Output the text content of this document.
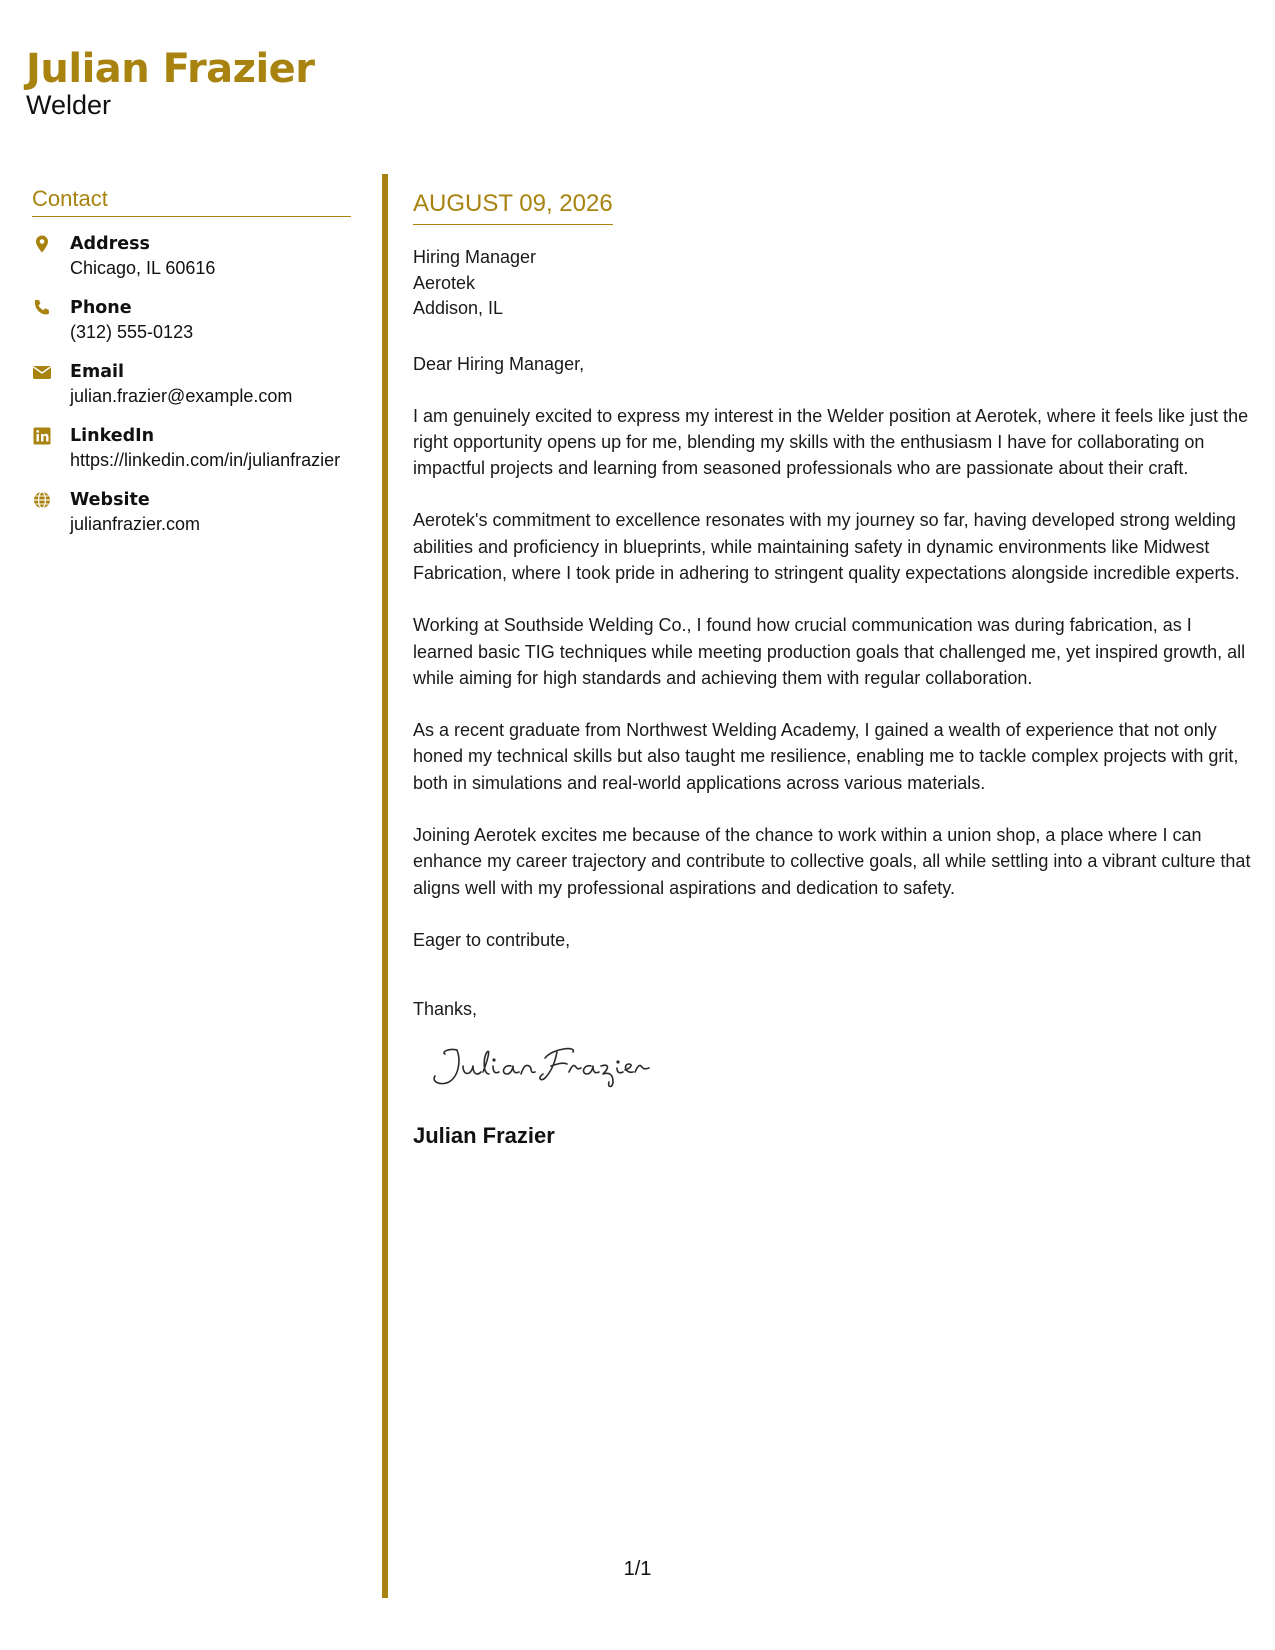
Julian Frazier
Welder
Contact
Address
Chicago, IL 60616
Phone
(312) 555-0123
Email
julian.frazier@example.com
LinkedIn
https://linkedin.com/in/julianfrazier
Website
julianfrazier.com
AUGUST 09, 2026
Hiring Manager
Aerotek
Addison, IL
Dear Hiring Manager,
I am genuinely excited to express my interest in the Welder position at Aerotek, where it feels like just the right opportunity opens up for me, blending my skills with the enthusiasm I have for collaborating on impactful projects and learning from seasoned professionals who are passionate about their craft.
Aerotek's commitment to excellence resonates with my journey so far, having developed strong welding abilities and proficiency in blueprints, while maintaining safety in dynamic environments like Midwest Fabrication, where I took pride in adhering to stringent quality expectations alongside incredible experts.
Working at Southside Welding Co., I found how crucial communication was during fabrication, as I learned basic TIG techniques while meeting production goals that challenged me, yet inspired growth, all while aiming for high standards and achieving them with regular collaboration.
As a recent graduate from Northwest Welding Academy, I gained a wealth of experience that not only honed my technical skills but also taught me resilience, enabling me to tackle complex projects with grit, both in simulations and real-world applications across various materials.
Joining Aerotek excites me because of the chance to work within a union shop, a place where I can enhance my career trajectory and contribute to collective goals, all while settling into a vibrant culture that aligns well with my professional aspirations and dedication to safety.
Eager to contribute,
Thanks,
Julian Frazier
1/1
